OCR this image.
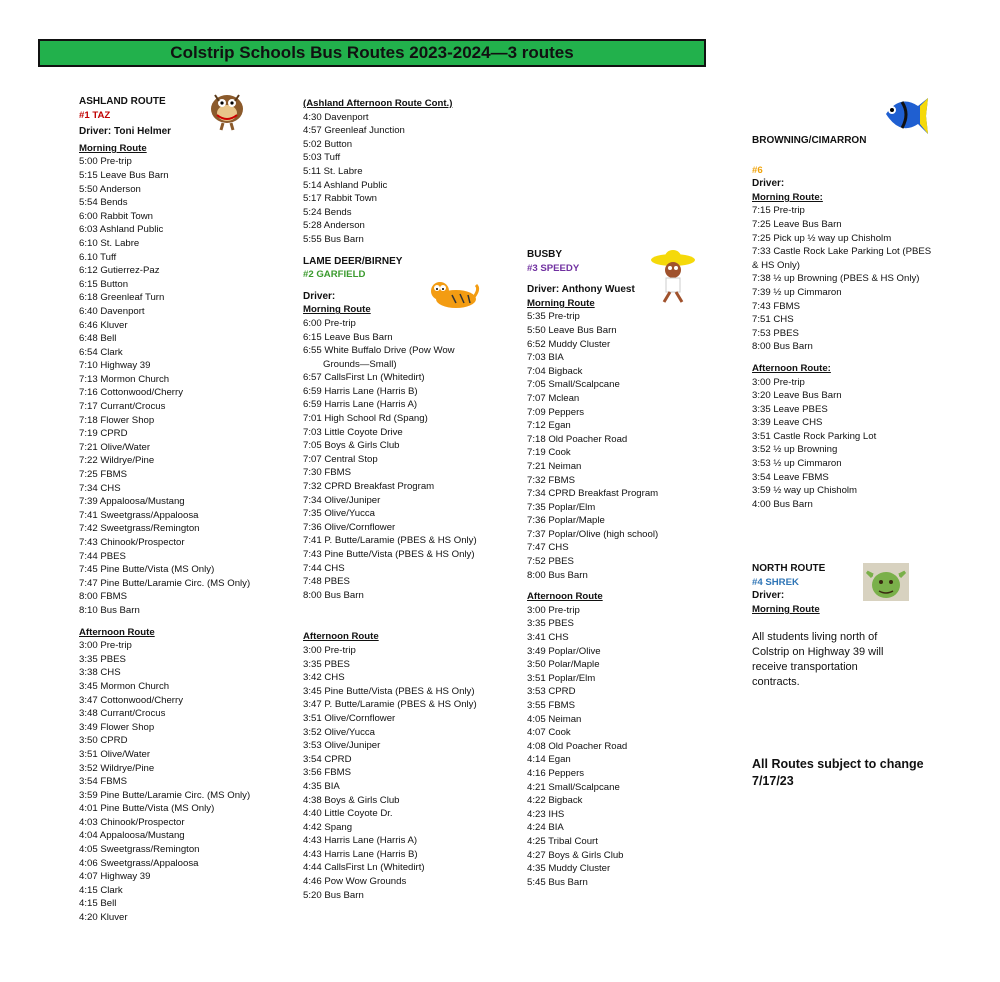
Colstrip Schools Bus Routes 2023-2024—3 routes
ASHLAND ROUTE
#1 TAZ
Driver: Toni Helmer
Morning Route
5:00 Pre-trip
5:15 Leave Bus Barn
5:50 Anderson
5:54 Bends
6:00 Rabbit Town
6:03 Ashland Public
6:10 St. Labre
6.10 Tuff
6:12 Gutierrez-Paz
6:15 Button
6:18 Greenleaf Turn
6:40 Davenport
6:46 Kluver
6:48 Bell
6:54 Clark
7:10 Highway 39
7:13 Mormon Church
7:16 Cottonwood/Cherry
7:17 Currant/Crocus
7:18 Flower Shop
7:19 CPRD
7:21 Olive/Water
7:22 Wildrye/Pine
7:25 FBMS
7:34 CHS
7:39 Appaloosa/Mustang
7:41 Sweetgrass/Appaloosa
7:42 Sweetgrass/Remington
7:43 Chinook/Prospector
7:44 PBES
7:45 Pine Butte/Vista (MS Only)
7:47 Pine Butte/Laramie Circ. (MS Only)
8:00 FBMS
8:10 Bus Barn
Afternoon Route
3:00 Pre-trip
3:35 PBES
3:38 CHS
3:45 Mormon Church
3:47 Cottonwood/Cherry
3:48 Currant/Crocus
3:49 Flower Shop
3:50 CPRD
3:51 Olive/Water
3:52 Wildrye/Pine
3:54 FBMS
3:59 Pine Butte/Laramie Circ. (MS Only)
4:01 Pine Butte/Vista (MS Only)
4:03 Chinook/Prospector
4:04 Appaloosa/Mustang
4:05 Sweetgrass/Remington
4:06 Sweetgrass/Appaloosa
4:07 Highway 39
4:15 Clark
4:15 Bell
4:20 Kluver
(Ashland Afternoon Route Cont.)
4:30 Davenport
4:57 Greenleaf Junction
5:02 Button
5:03 Tuff
5:11 St. Labre
5:14 Ashland Public
5:17 Rabbit Town
5:24 Bends
5:28 Anderson
5:55 Bus Barn
LAME DEER/BIRNEY
#2 GARFIELD
Driver:
Morning Route
6:00 Pre-trip
6:15 Leave Bus Barn
6:55 White Buffalo Drive (Pow Wow
Grounds—Small)
6:57 CallsFirst Ln (Whitedirt)
6:59 Harris Lane (Harris B)
6:59 Harris Lane (Harris A)
7:01 High School Rd (Spang)
7:03 Little Coyote Drive
7:05 Boys & Girls Club
7:07 Central Stop
7:30 FBMS
7:32 CPRD Breakfast Program
7:34 Olive/Juniper
7:35 Olive/Yucca
7:36 Olive/Cornflower
7:41 P. Butte/Laramie (PBES & HS Only)
7:43 Pine Butte/Vista (PBES & HS Only)
7:44 CHS
7:48 PBES
8:00 Bus Barn
Afternoon Route
3:00 Pre-trip
3:35 PBES
3:42 CHS
3:45 Pine Butte/Vista (PBES & HS Only)
3:47 P. Butte/Laramie (PBES & HS Only)
3:51 Olive/Cornflower
3:52 Olive/Yucca
3:53 Olive/Juniper
3:54 CPRD
3:56 FBMS
4:35 BIA
4:38 Boys & Girls Club
4:40 Little Coyote Dr.
4:42 Spang
4:43 Harris Lane (Harris A)
4:43 Harris Lane (Harris B)
4:44 CallsFirst Ln (Whitedirt)
4:46 Pow Wow Grounds
5:20 Bus Barn
BUSBY
#3 SPEEDY
Driver: Anthony Wuest
Morning Route
5:35 Pre-trip
5:50 Leave Bus Barn
6:52 Muddy Cluster
7:03 BIA
7:04 Bigback
7:05 Small/Scalpcane
7:07 Mclean
7:09 Peppers
7:12 Egan
7:18 Old Poacher Road
7:19 Cook
7:21 Neiman
7:32 FBMS
7:34 CPRD Breakfast Program
7:35 Poplar/Elm
7:36 Poplar/Maple
7:37 Poplar/Olive (high school)
7:47 CHS
7:52 PBES
8:00 Bus Barn
Afternoon Route
3:00 Pre-trip
3:35 PBES
3:41 CHS
3:49 Poplar/Olive
3:50 Polar/Maple
3:51 Poplar/Elm
3:53 CPRD
3:55 FBMS
4:05 Neiman
4:07 Cook
4:08 Old Poacher Road
4:14 Egan
4:16 Peppers
4:21 Small/Scalpcane
4:22 Bigback
4:23 IHS
4:24 BIA
4:25 Tribal Court
4:27 Boys & Girls Club
4:35 Muddy Cluster
5:45 Bus Barn
BROWNING/CIMARRON
#6
Driver:
Morning Route:
7:15 Pre-trip
7:25 Leave Bus Barn
7:25 Pick up ½ way up Chisholm
7:33 Castle Rock Lake Parking Lot (PBES
& HS Only)
7:38 ½ up Browning (PBES & HS Only)
7:39 ½ up Cimmaron
7:43 FBMS
7:51 CHS
7:53 PBES
8:00 Bus Barn
Afternoon Route:
3:00 Pre-trip
3:20 Leave Bus Barn
3:35 Leave PBES
3:39 Leave CHS
3:51 Castle Rock Parking Lot
3:52 ½ up Browning
3:53 ½ up Cimmaron
3:54 Leave FBMS
3:59 ½ way up Chisholm
4:00 Bus Barn
NORTH ROUTE
#4 SHREK
Driver:
Morning Route
All students living north of Colstrip on Highway 39 will receive transportation contracts.
All Routes subject to change 7/17/23
